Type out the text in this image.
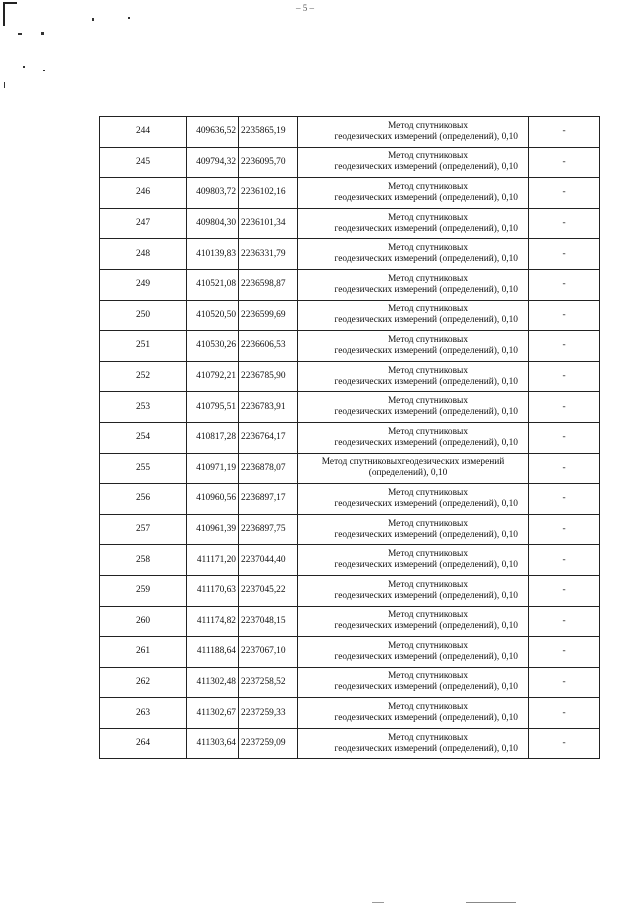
– 5 –
244	409636,52	2235865,19	Метод спутниковых
геодезических измерений (определений), 0,10	-
245	409794,32	2236095,70	Метод спутниковых
геодезических измерений (определений), 0,10	-
246	409803,72	2236102,16	Метод спутниковых
геодезических измерений (определений), 0,10	-
247	409804,30	2236101,34	Метод спутниковых
геодезических измерений (определений), 0,10	-
248	410139,83	2236331,79	Метод спутниковых
геодезических измерений (определений), 0,10	-
249	410521,08	2236598,87	Метод спутниковых
геодезических измерений (определений), 0,10	-
250	410520,50	2236599,69	Метод спутниковых
геодезических измерений (определений), 0,10	-
251	410530,26	2236606,53	Метод спутниковых
геодезических измерений (определений), 0,10	-
252	410792,21	2236785,90	Метод спутниковых
геодезических измерений (определений), 0,10	-
253	410795,51	2236783,91	Метод спутниковых
геодезических измерений (определений), 0,10	-
254	410817,28	2236764,17	Метод спутниковых
геодезических измерений (определений), 0,10	-
255	410971,19	2236878,07	Метод спутниковыхгеодезических измерений
(определений), 0,10	-
256	410960,56	2236897,17	Метод спутниковых
геодезических измерений (определений), 0,10	-
257	410961,39	2236897,75	Метод спутниковых
геодезических измерений (определений), 0,10	-
258	411171,20	2237044,40	Метод спутниковых
геодезических измерений (определений), 0,10	-
259	411170,63	2237045,22	Метод спутниковых
геодезических измерений (определений), 0,10	-
260	411174,82	2237048,15	Метод спутниковых
геодезических измерений (определений), 0,10	-
261	411188,64	2237067,10	Метод спутниковых
геодезических измерений (определений), 0,10	-
262	411302,48	2237258,52	Метод спутниковых
геодезических измерений (определений), 0,10	-
263	411302,67	2237259,33	Метод спутниковых
геодезических измерений (определений), 0,10	-
264	411303,64	2237259,09	Метод спутниковых
геодезических измерений (определений), 0,10	-
